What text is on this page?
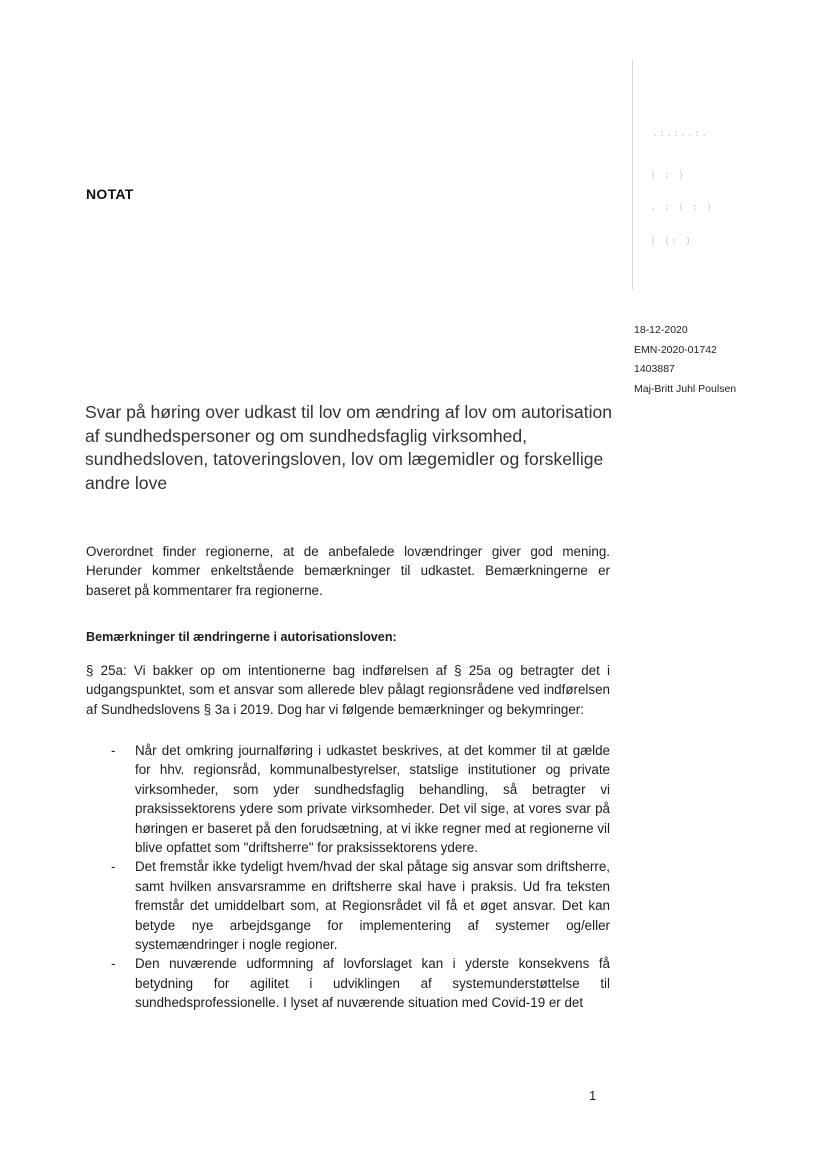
.:.:..:.
( : )
. : ( : )
( (: )
NOTAT
18-12-2020
EMN-2020-01742
1403887
Maj-Britt Juhl Poulsen
Svar på høring over udkast til lov om ændring af lov om autorisation af sundhedspersoner og om sundhedsfaglig virksomhed, sundhedsloven, tatoveringsloven, lov om lægemidler og forskellige andre love
Overordnet finder regionerne, at de anbefalede lovændringer giver god mening. Herunder kommer enkeltstående bemærkninger til udkastet. Bemærkningerne er baseret på kommentarer fra regionerne.
Bemærkninger til ændringerne i autorisationsloven:
§ 25a: Vi bakker op om intentionerne bag indførelsen af § 25a og betragter det i udgangspunktet, som et ansvar som allerede blev pålagt regionsrådene ved indførelsen af Sundhedslovens § 3a i 2019. Dog har vi følgende bemærkninger og bekymringer:
- Når det omkring journalføring i udkastet beskrives, at det kommer til at gælde for hhv. regionsråd, kommunalbestyrelser, statslige institutioner og private virksomheder, som yder sundhedsfaglig behandling, så betragter vi praksissektorens ydere som private virksomheder. Det vil sige, at vores svar på høringen er baseret på den forudsætning, at vi ikke regner med at regionerne vil blive opfattet som "driftsherre" for praksissektorens ydere.
- Det fremstår ikke tydeligt hvem/hvad der skal påtage sig ansvar som driftsherre, samt hvilken ansvarsramme en driftsherre skal have i praksis. Ud fra teksten fremstår det umiddelbart som, at Regionsrådet vil få et øget ansvar. Det kan betyde nye arbejdsgange for implementering af systemer og/eller systemændringer i nogle regioner.
- Den nuværende udformning af lovforslaget kan i yderste konsekvens få betydning for agilitet i udviklingen af systemunderstøttelse til sundhedsprofessionelle. I lyset af nuværende situation med Covid-19 er det
1
